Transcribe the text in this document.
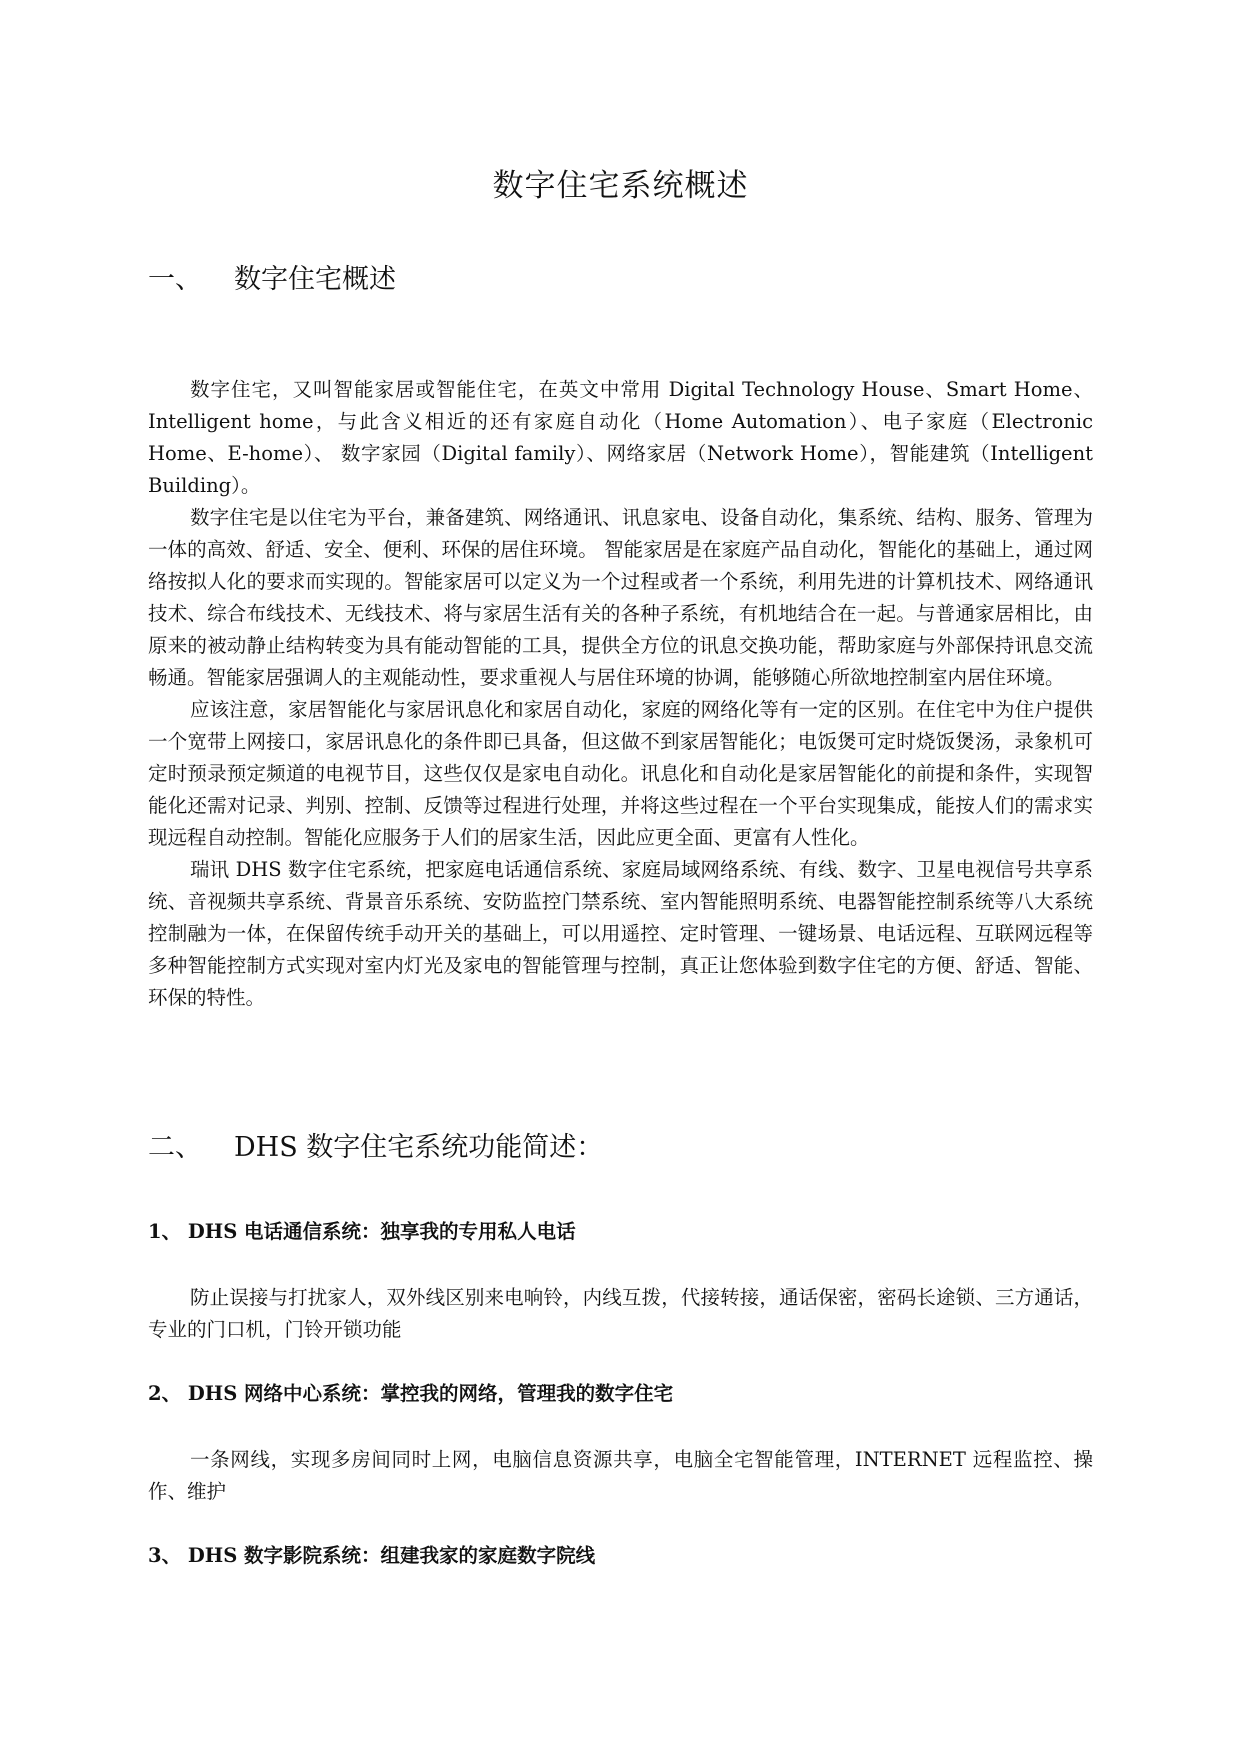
数字住宅系统概述
一、 数字住宅概述

数字住宅，又叫智能家居或智能住宅，在英文中常用 Digital Technology House、Smart Home、Intelligent home，与此含义相近的还有家庭自动化（Home Automation）、电子家庭（Electronic Home、E-home）、 数字家园（Digital family）、网络家居（Network Home），智能建筑（Intelligent Building）。

数字住宅是以住宅为平台，兼备建筑、网络通讯、讯息家电、设备自动化，集系统、结构、服务、管理为一体的高效、舒适、安全、便利、环保的居住环境。 智能家居是在家庭产品自动化，智能化的基础上，通过网络按拟人化的要求而实现的。智能家居可以定义为一个过程或者一个系统，利用先进的计算机技术、网络通讯技术、综合布线技术、无线技术、将与家居生活有关的各种子系统，有机地结合在一起。与普通家居相比，由原来的被动静止结构转变为具有能动智能的工具，提供全方位的讯息交换功能，帮助家庭与外部保持讯息交流畅通。智能家居强调人的主观能动性，要求重视人与居住环境的协调，能够随心所欲地控制室内居住环境。

应该注意，家居智能化与家居讯息化和家居自动化，家庭的网络化等有一定的区别。在住宅中为住户提供一个宽带上网接口，家居讯息化的条件即已具备，但这做不到家居智能化；电饭煲可定时烧饭煲汤，录象机可定时预录预定频道的电视节目，这些仅仅是家电自动化。讯息化和自动化是家居智能化的前提和条件，实现智能化还需对记录、判别、控制、反馈等过程进行处理，并将这些过程在一个平台实现集成，能按人们的需求实现远程自动控制。智能化应服务于人们的居家生活，因此应更全面、更富有人性化。

瑞讯 DHS 数字住宅系统，把家庭电话通信系统、家庭局域网络系统、有线、数字、卫星电视信号共享系统、音视频共享系统、背景音乐系统、安防监控门禁系统、室内智能照明系统、电器智能控制系统等八大系统控制融为一体，在保留传统手动开关的基础上，可以用遥控、定时管理、一键场景、电话远程、互联网远程等多种智能控制方式实现对室内灯光及家电的智能管理与控制，真正让您体验到数字住宅的方便、舒适、智能、环保的特性。

二、 DHS 数字住宅系统功能简述：
1、 DHS 电话通信系统：独享我的专用私人电话

防止误接与打扰家人，双外线区别来电响铃，内线互拨，代接转接，通话保密，密码长途锁、三方通话，专业的门口机，门铃开锁功能

2、 DHS 网络中心系统：掌控我的网络，管理我的数字住宅

一条网线，实现多房间同时上网，电脑信息资源共享，电脑全宅智能管理，INTERNET 远程监控、操作、维护

3、 DHS 数字影院系统：组建我家的家庭数字院线
